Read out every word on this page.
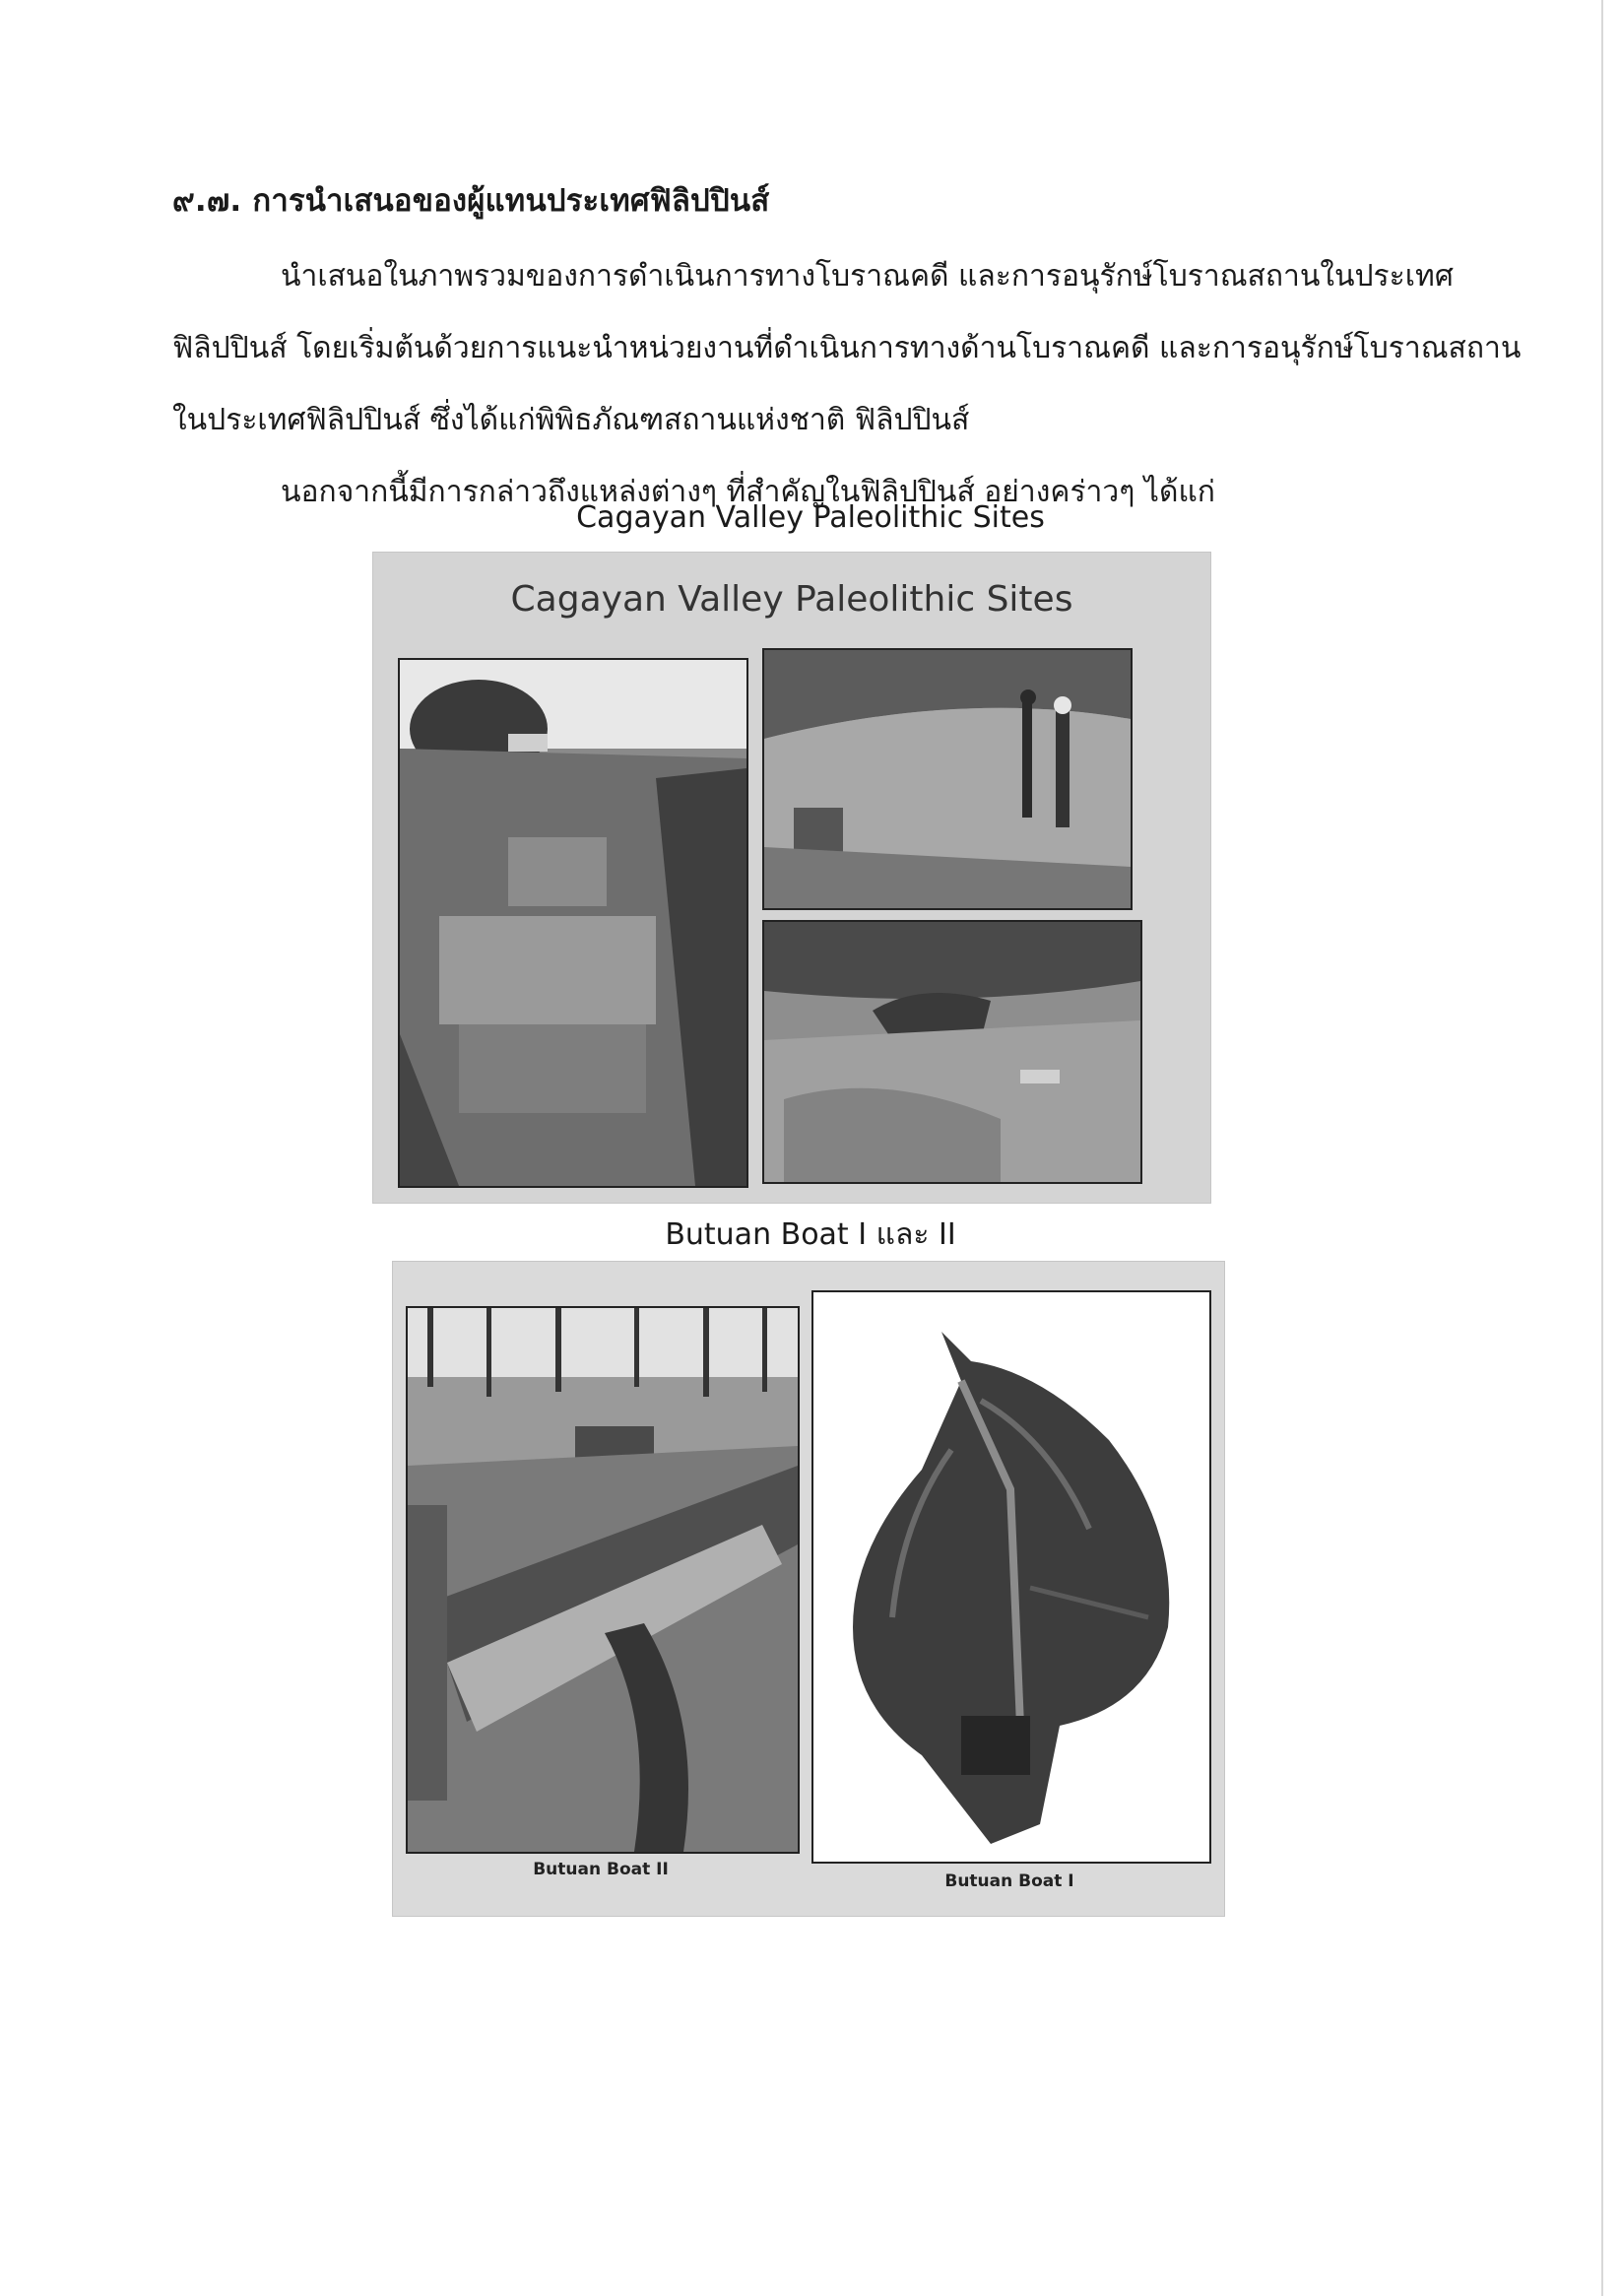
๙.๗. การนำเสนอของผู้แทนประเทศฟิลิปปินส์
นำเสนอในภาพรวมของการดำเนินการทางโบราณคดี และการอนุรักษ์โบราณสถานในประเทศ
ฟิลิปปินส์ โดยเริ่มต้นด้วยการแนะนำหน่วยงานที่ดำเนินการทางด้านโบราณคดี และการอนุรักษ์โบราณสถาน
ในประเทศฟิลิปปินส์ ซึ่งได้แก่พิพิธภัณฑสถานแห่งชาติ ฟิลิปปินส์
นอกจากนี้มีการกล่าวถึงแหล่งต่างๆ ที่สำคัญในฟิลิปปินส์ อย่างคร่าวๆ ได้แก่
Cagayan Valley Paleolithic Sites
Cagayan Valley Paleolithic Sites
Butuan Boat I และ II
Butuan Boat II
Butuan Boat I
